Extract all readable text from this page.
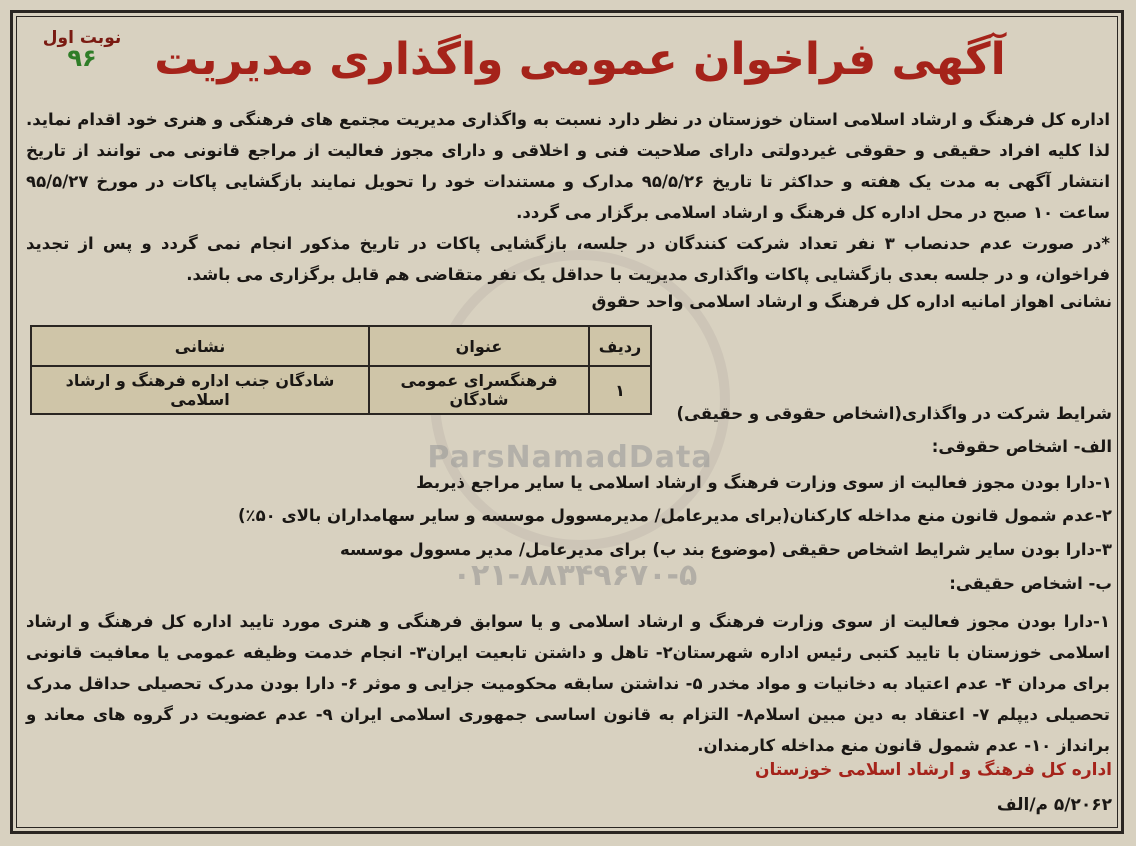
نوبت اول
۹۶	آگهی فراخوان عمومی واگذاری مدیریت
اداره کل فرهنگ و ارشاد اسلامی استان خوزستان در نظر دارد نسبت به واگذاری مدیریت مجتمع های فرهنگی و هنری خود اقدام نماید. لذا کلیه افراد حقیقی و حقوقی غیردولتی دارای صلاحیت فنی و اخلاقی و دارای مجوز فعالیت از مراجع قانونی می توانند از تاریخ انتشار آگهی به مدت یک هفته و حداکثر تا تاریخ ۹۵/۵/۲۶ مدارک و مستندات خود را تحویل نمایند بازگشایی پاکات در مورخ ۹۵/۵/۲۷ ساعت ۱۰ صبح در محل اداره کل فرهنگ و ارشاد اسلامی برگزار می گردد.
*در صورت عدم حدنصاب ۳ نفر تعداد شرکت کنندگان در جلسه، بازگشایی پاکات در تاریخ مذکور انجام نمی گردد و پس از تجدید فراخوان، و در جلسه بعدی بازگشایی پاکات واگذاری مدیریت با حداقل یک نفر متقاضی هم قابل برگزاری می باشد.
نشانی اهواز امانیه اداره کل فرهنگ و ارشاد اسلامی واحد حقوق
ردیف	عنوان	نشانی
۱	فرهنگسرای عمومی شادگان	شادگان جنب اداره فرهنگ و ارشاد اسلامی
شرایط شرکت در واگذاری(اشخاص حقوقی و حقیقی)
الف- اشخاص حقوقی:
۱-دارا بودن مجوز فعالیت از سوی وزارت فرهنگ و ارشاد اسلامی یا سایر مراجع ذیربط
۲-عدم شمول قانون منع مداخله کارکنان(برای مدیرعامل/ مدیرمسوول موسسه و سایر سهامداران بالای ۵۰٪)
۳-دارا بودن سایر شرایط اشخاص حقیقی (موضوع بند ب) برای مدیرعامل/ مدیر مسوول موسسه
ب- اشخاص حقیقی:
۱-دارا بودن مجوز فعالیت از سوی وزارت فرهنگ و ارشاد اسلامی و یا سوابق فرهنگی و هنری مورد تایید اداره کل فرهنگ و ارشاد اسلامی خوزستان با تایید کتبی رئیس اداره شهرستان۲- تاهل و داشتن تابعیت ایران۳- انجام خدمت وظیفه عمومی یا معافیت قانونی برای مردان ۴- عدم اعتیاد به دخانیات و مواد مخدر ۵- نداشتن سابقه محکومیت جزایی و موثر ۶- دارا بودن مدرک تحصیلی حداقل مدرک تحصیلی دیپلم ۷- اعتقاد به دین مبین اسلام۸- التزام به قانون اساسی جمهوری اسلامی ایران ۹- عدم عضویت در گروه های معاند و برانداز ۱۰- عدم شمول قانون منع مداخله کارمندان.
ParsNamadData
۰۲۱-۸۸۳۴۹۶۷۰-۵
اداره کل فرهنگ و ارشاد اسلامی خوزستان
۵/۲۰۶۲ م/الف
